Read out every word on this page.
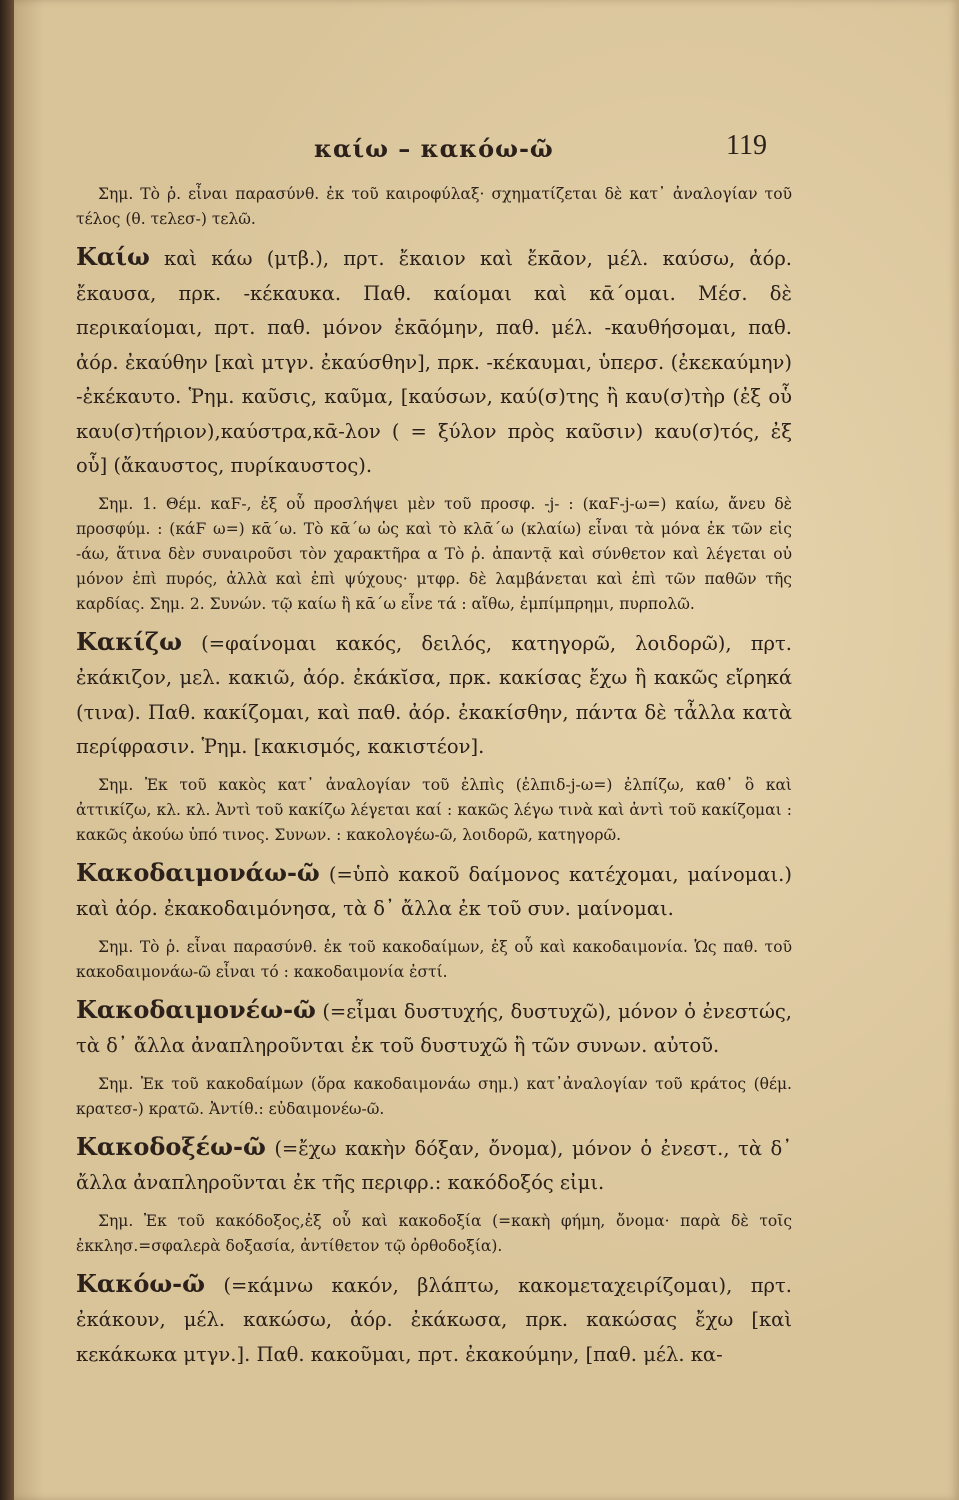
καίω – κακόω-ῶ	119

Σημ. Τὸ ῥ. εἶναι παρασύνθ. ἐκ τοῦ καιροφύλαξ· σχηματίζεται δὲ κατ᾽ ἀναλογίαν τοῦ τέλος (θ. τελεσ-) τελῶ.

Καίω καὶ κάω (μτβ.), πρτ. ἔκαιον καὶ ἔκᾱον, μέλ. καύσω, ἀόρ. ἔκαυσα, πρκ. -κέκαυκα. Παθ. καίομαι καὶ κᾱ΄ομαι. Μέσ. δὲ περικαίομαι, πρτ. παθ. μόνον ἐκᾱόμην, παθ. μέλ. -καυθήσομαι, παθ. ἀόρ. ἐκαύθην [καὶ μτγν. ἐκαύσθην], πρκ. -κέκαυμαι, ὑπερσ. (ἐκεκαύμην) -ἐκέκαυτο. Ῥημ. καῦσις, καῦμα, [καύσων, καύ(σ)της ἢ καυ(σ)τὴρ (ἐξ οὗ καυ(σ)τήριον),καύστρα,κᾱ-λον ( = ξύλον πρὸς καῦσιν) καυ(σ)τός, ἐξ οὗ] (ἄκαυστος, πυρίκαυστος).

Σημ. 1. Θέμ. καϜ-, ἐξ οὗ προσλήψει μὲν τοῦ προσφ. -j- : (καϜ-j-ω=) καίω, ἄνευ δὲ προσφύμ. : (κάϜ ω=) κᾱ΄ω. Τὸ κᾱ΄ω ὡς καὶ τὸ κλᾱ΄ω (κλαίω) εἶναι τὰ μόνα ἐκ τῶν εἰς -άω, ἅτινα δὲν συναιροῦσι τὸν χαρακτῆρα α Τὸ ῥ. ἀπαντᾷ καὶ σύνθετον καὶ λέγεται οὐ μόνον ἐπὶ πυρός, ἀλλὰ καὶ ἐπὶ ψύχους· μτφρ. δὲ λαμβάνεται καὶ ἐπὶ τῶν παθῶν τῆς καρδίας. Σημ. 2. Συνών. τῷ καίω ἢ κᾱ΄ω εἶνε τά : αἴθω, ἐμπίμπρημι, πυρπολῶ.

Κακίζω (=φαίνομαι κακός, δειλός, κατηγορῶ, λοιδορῶ), πρτ. ἐκάκιζον, μελ. κακιῶ, ἀόρ. ἐκάκῐσα, πρκ. κακίσας ἔχω ἢ κακῶς εἴρηκά (τινα). Παθ. κακίζομαι, καὶ παθ. ἀόρ. ἐκακίσθην, πάντα δὲ τἆλλα κατὰ περίφρασιν. Ῥημ. [κακισμός, κακιστέον].

Σημ. Ἐκ τοῦ κακὸς κατ᾽ ἀναλογίαν τοῦ ἐλπὶς (ἐλπιδ-j-ω=) ἐλπίζω, καθ᾽ ὃ καὶ ἀττικίζω, κλ. κλ. Ἀντὶ τοῦ κακίζω λέγεται καί : κακῶς λέγω τινὰ καὶ ἀντὶ τοῦ κακίζομαι : κακῶς ἀκούω ὑπό τινος. Συνων. : κακολογέω-ῶ, λοιδορῶ, κατηγορῶ.

Κακοδαιμονάω-ῶ (=ὑπὸ κακοῦ δαίμονος κατέχομαι, μαίνομαι.) καὶ ἀόρ. ἐκακοδαιμόνησα, τὰ δ᾽ ἄλλα ἐκ τοῦ συν. μαίνομαι.

Σημ. Τὸ ῥ. εἶναι παρασύνθ. ἐκ τοῦ κακοδαίμων, ἐξ οὗ καὶ κακοδαιμονία. Ὡς παθ. τοῦ κακοδαιμονάω-ῶ εἶναι τό : κακοδαιμονία ἐστί.

Κακοδαιμονέω-ῶ (=εἶμαι δυστυχής, δυστυχῶ), μόνον ὁ ἐνεστώς, τὰ δ᾽ ἄλλα ἀναπληροῦνται ἐκ τοῦ δυστυχῶ ἢ τῶν συνων. αὐτοῦ.

Σημ. Ἐκ τοῦ κακοδαίμων (ὅρα κακοδαιμονάω σημ.) κατ᾽ἀναλογίαν τοῦ κράτος (θέμ. κρατεσ-) κρατῶ. Ἀντίθ.: εὐδαιμονέω-ῶ.

Κακοδοξέω-ῶ (=ἔχω κακὴν δόξαν, ὄνομα), μόνον ὁ ἐνεστ., τὰ δ᾽ ἄλλα ἀναπληροῦνται ἐκ τῆς περιφρ.: κακόδοξός εἰμι.

Σημ. Ἐκ τοῦ κακόδοξος,ἐξ οὗ καὶ κακοδοξία (=κακὴ φήμη, ὄνομα· παρὰ δὲ τοῖς ἐκκλησ.=σφαλερὰ δοξασία, ἀντίθετον τῷ ὀρθοδοξία).

Κακόω-ῶ (=κάμνω κακόν, βλάπτω, κακομεταχειρίζομαι), πρτ. ἐκάκουν, μέλ. κακώσω, ἀόρ. ἐκάκωσα, πρκ. κακώσας ἔχω [καὶ κεκάκωκα μτγν.]. Παθ. κακοῦμαι, πρτ. ἐκακούμην, [παθ. μέλ. κα-
